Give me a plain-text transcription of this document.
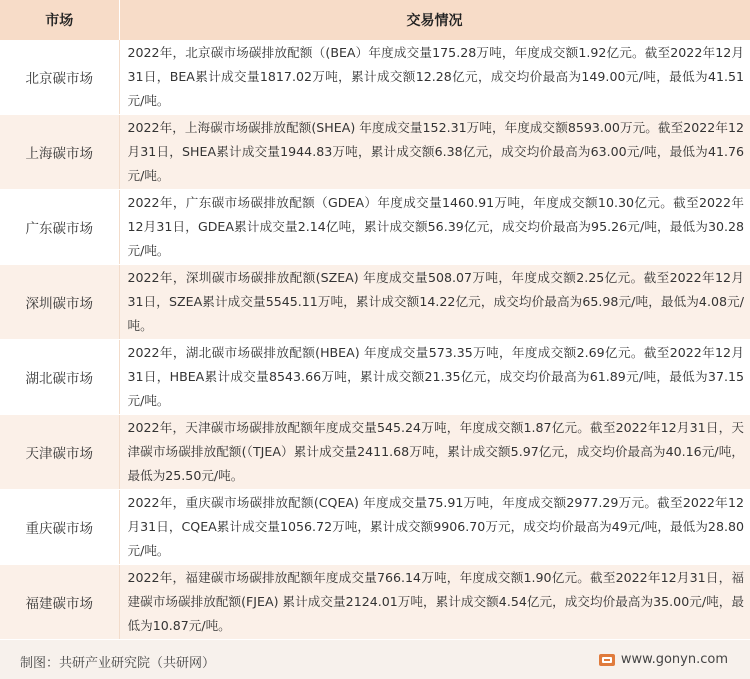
市场	交易情况
北京碳市场	2022年，北京碳市场碳排放配额（(BEA）年度成交量175.28万吨，年度成交额1.92亿元。截至2022年12月31日，BEA累计成交量1817.02万吨，累计成交额12.28亿元，成交均价最高为149.00元/吨，最低为41.51元/吨。
上海碳市场	2022年，上海碳市场碳排放配额(SHEA) 年度成交量152.31万吨，年度成交额8593.00万元。截至2022年12月31日，SHEA累计成交量1944.83万吨，累计成交额6.38亿元，成交均价最高为63.00元/吨，最低为41.76元/吨。
广东碳市场	2022年，广东碳市场碳排放配额（GDEA）年度成交量1460.91万吨，年度成交额10.30亿元。截至2022年12月31日，GDEA累计成交量2.14亿吨，累计成交额56.39亿元，成交均价最高为95.26元/吨，最低为30.28元/吨。
深圳碳市场	2022年，深圳碳市场碳排放配额(SZEA) 年度成交量508.07万吨，年度成交额2.25亿元。截至2022年12月31日，SZEA累计成交量5545.11万吨，累计成交额14.22亿元，成交均价最高为65.98元/吨，最低为4.08元/吨。
湖北碳市场	2022年，湖北碳市场碳排放配额(HBEA) 年度成交量573.35万吨，年度成交额2.69亿元。截至2022年12月31日，HBEA累计成交量8543.66万吨，累计成交额21.35亿元，成交均价最高为61.89元/吨，最低为37.15元/吨。
天津碳市场	2022年，天津碳市场碳排放配额年度成交量545.24万吨，年度成交额1.87亿元。截至2022年12月31日，天津碳市场碳排放配额(（TJEA）累计成交量2411.68万吨，累计成交额5.97亿元，成交均价最高为40.16元/吨，最低为25.50元/吨。
重庆碳市场	2022年，重庆碳市场碳排放配额(CQEA) 年度成交量75.91万吨，年度成交额2977.29万元。截至2022年12月31日，CQEA累计成交量1056.72万吨，累计成交额9906.70万元，成交均价最高为49元/吨，最低为28.80元/吨。
福建碳市场	2022年，福建碳市场碳排放配额年度成交量766.14万吨，年度成交额1.90亿元。截至2022年12月31日，福建碳市场碳排放配额(FJEA) 累计成交量2124.01万吨，累计成交额4.54亿元，成交均价最高为35.00元/吨，最低为10.87元/吨。
制图：共研产业研究院（共研网）	www.gonyn.com
